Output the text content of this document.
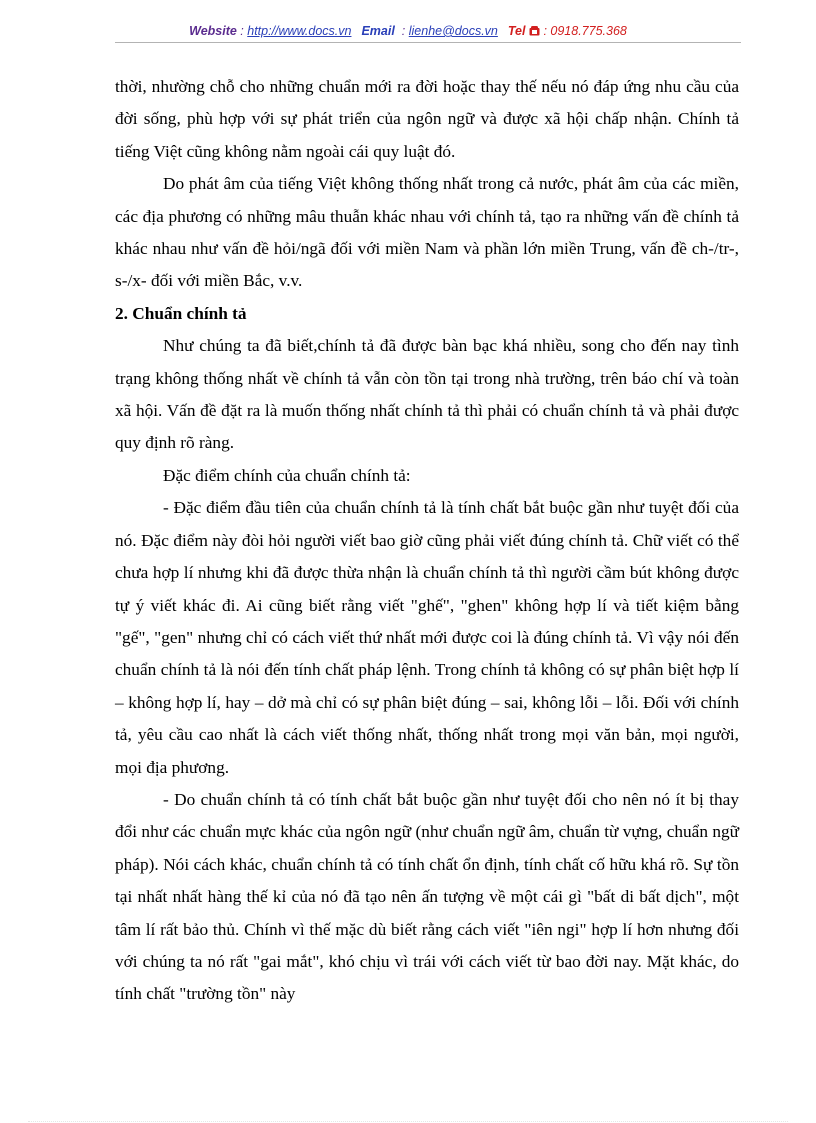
Website : http://www.docs.vn Email  : lienhe@docs.vn Tel  : 0918.775.368

thời, nhường chỗ cho những chuẩn mới ra đời hoặc thay thế nếu nó đáp ứng nhu cầu của đời sống, phù hợp với sự phát triển của ngôn ngữ và được xã hội chấp nhận. Chính tả tiếng Việt cũng không nằm ngoài cái quy luật đó.

Do phát âm của tiếng Việt không thống nhất trong cả nước, phát âm của các miền, các địa phương có những mâu thuẫn khác nhau với chính tả, tạo ra những vấn đề chính tả khác nhau như vấn đề hỏi/ngã đối với miền Nam và phần lớn miền Trung, vấn đề ch-/tr-, s-/x- đối với miền Bắc, v.v.

2. Chuẩn chính tả

Như chúng ta đã biết,chính tả đã được bàn bạc khá nhiều, song cho đến nay tình trạng không thống nhất về chính tả vẫn còn tồn tại trong nhà trường, trên báo chí và toàn xã hội. Vấn đề đặt ra là muốn thống nhất chính tả thì phải có chuẩn chính tả và phải được quy định rõ ràng.

Đặc điểm chính của chuẩn chính tả:

- Đặc điểm đầu tiên của chuẩn chính tả là tính chất bắt buộc gần như tuyệt đối của nó. Đặc điểm này đòi hỏi người viết bao giờ cũng phải viết đúng chính tả. Chữ viết có thể chưa hợp lí nhưng khi đã được thừa nhận là chuẩn chính tả thì người cầm bút không được tự ý viết khác đi. Ai cũng biết rằng viết "ghế", "ghen" không hợp lí và tiết kiệm bằng "gế", "gen" nhưng chỉ có cách viết thứ nhất mới được coi là đúng chính tả. Vì vậy nói đến chuẩn chính tả là nói đến tính chất pháp lệnh. Trong chính tả không có sự phân biệt hợp lí – không hợp lí, hay – dở mà chỉ có sự phân biệt đúng – sai, không lỗi – lỗi. Đối với chính tả, yêu cầu cao nhất là cách viết thống nhất, thống nhất trong mọi văn bản, mọi người, mọi địa phương.

- Do chuẩn chính tả có tính chất bắt buộc gần như tuyệt đối cho nên nó ít bị thay đổi như các chuẩn mực khác của ngôn ngữ (như chuẩn ngữ âm, chuẩn từ vựng, chuẩn ngữ pháp). Nói cách khác, chuẩn chính tả có tính chất ổn định, tính chất cố hữu khá rõ. Sự tồn tại nhất nhất hàng thế kỉ của nó đã tạo nên ấn tượng về một cái gì "bất di bất dịch", một tâm lí rất bảo thủ. Chính vì thế mặc dù biết rằng cách viết "iên ngi" hợp lí hơn nhưng đối với chúng ta nó rất "gai mắt", khó chịu vì trái với cách viết từ bao đời nay. Mặt khác, do tính chất "trường tồn" này
